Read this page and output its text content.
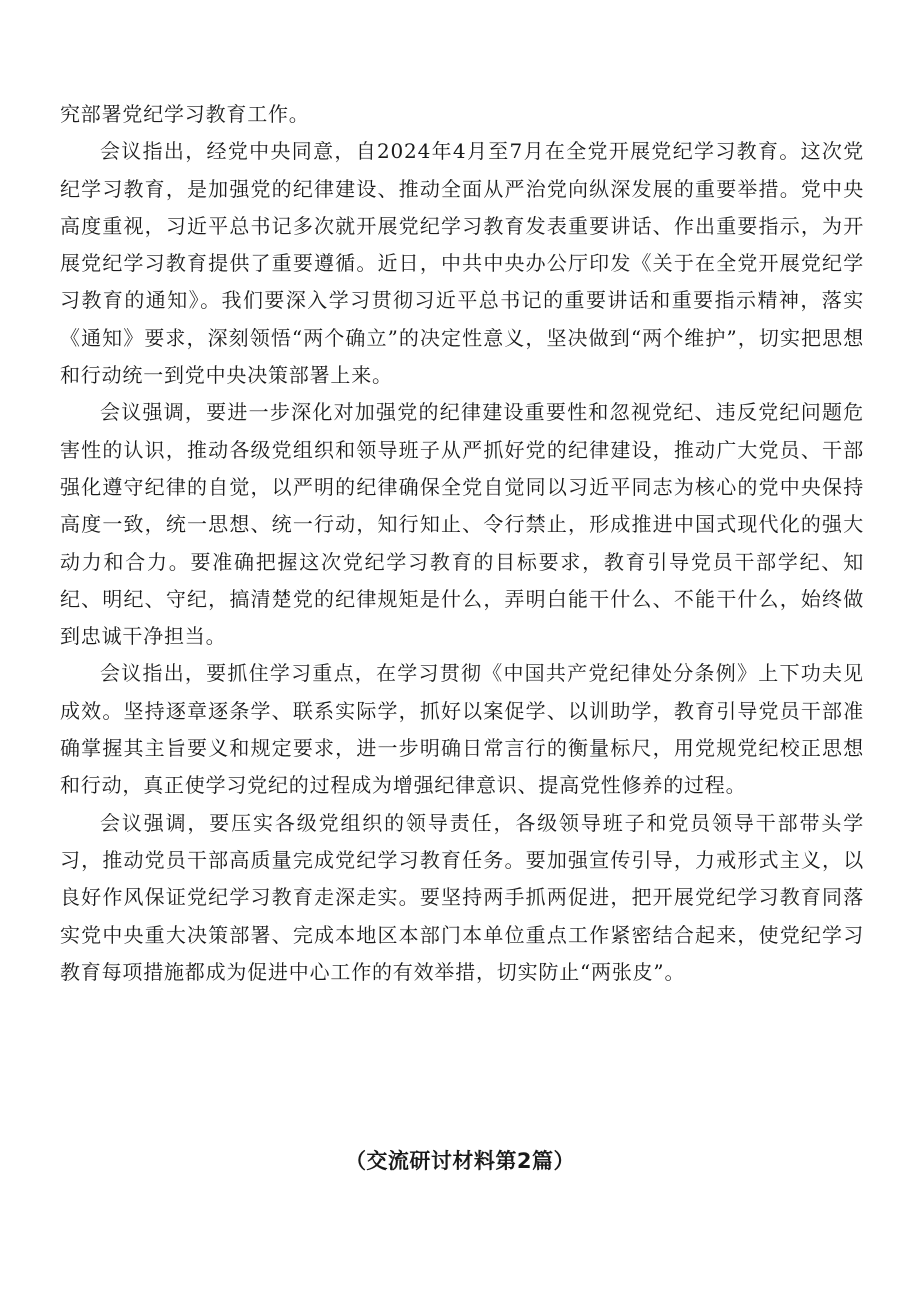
究部署党纪学习教育工作。

会议指出，经党中央同意，自2024年4月至7月在全党开展党纪学习教育。这次党纪学习教育，是加强党的纪律建设、推动全面从严治党向纵深发展的重要举措。党中央高度重视，习近平总书记多次就开展党纪学习教育发表重要讲话、作出重要指示，为开展党纪学习教育提供了重要遵循。近日，中共中央办公厅印发《关于在全党开展党纪学习教育的通知》。我们要深入学习贯彻习近平总书记的重要讲话和重要指示精神，落实《通知》要求，深刻领悟“两个确立”的决定性意义，坚决做到“两个维护”，切实把思想和行动统一到党中央决策部署上来。

会议强调，要进一步深化对加强党的纪律建设重要性和忽视党纪、违反党纪问题危害性的认识，推动各级党组织和领导班子从严抓好党的纪律建设，推动广大党员、干部强化遵守纪律的自觉，以严明的纪律确保全党自觉同以习近平同志为核心的党中央保持高度一致，统一思想、统一行动，知行知止、令行禁止，形成推进中国式现代化的强大动力和合力。要准确把握这次党纪学习教育的目标要求，教育引导党员干部学纪、知纪、明纪、守纪，搞清楚党的纪律规矩是什么，弄明白能干什么、不能干什么，始终做到忠诚干净担当。

会议指出，要抓住学习重点，在学习贯彻《中国共产党纪律处分条例》上下功夫见成效。坚持逐章逐条学、联系实际学，抓好以案促学、以训助学，教育引导党员干部准确掌握其主旨要义和规定要求，进一步明确日常言行的衡量标尺，用党规党纪校正思想和行动，真正使学习党纪的过程成为增强纪律意识、提高党性修养的过程。

会议强调，要压实各级党组织的领导责任，各级领导班子和党员领导干部带头学习，推动党员干部高质量完成党纪学习教育任务。要加强宣传引导，力戒形式主义，以良好作风保证党纪学习教育走深走实。要坚持两手抓两促进，把开展党纪学习教育同落实党中央重大决策部署、完成本地区本部门本单位重点工作紧密结合起来，使党纪学习教育每项措施都成为促进中心工作的有效举措，切实防止“两张皮”。

（交流研讨材料第2篇）
